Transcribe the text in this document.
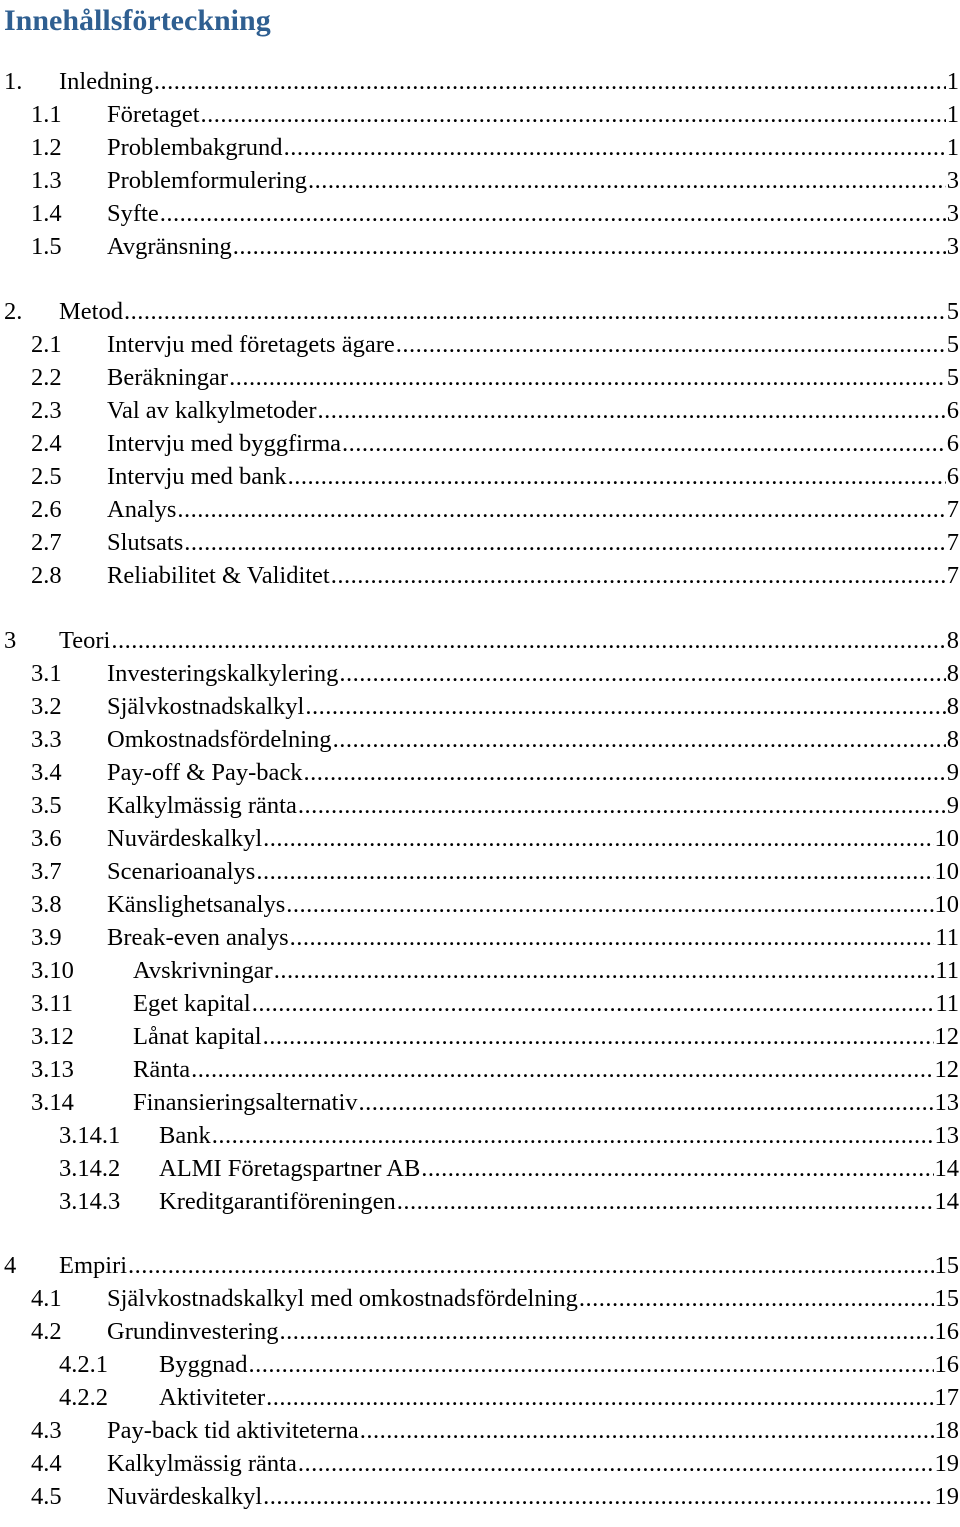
Innehållsförteckning
1. Inledning .....	1
1.1 Företaget .....	1
1.2 Problembakgrund .....	1
1.3 Problemformulering .....	3
1.4 Syfte .....	3
1.5 Avgränsning .....	3
2. Metod .....	5
2.1 Intervju med företagets ägare .....	5
2.2 Beräkningar .....	5
2.3 Val av kalkylmetoder .....	6
2.4 Intervju med byggfirma .....	6
2.5 Intervju med bank .....	6
2.6 Analys .....	7
2.7 Slutsats .....	7
2.8 Reliabilitet & Validitet .....	7
3 Teori .....	8
3.1 Investeringskalkylering .....	8
3.2 Självkostnadskalkyl .....	8
3.3 Omkostnadsfördelning .....	8
3.4 Pay-off & Pay-back .....	9
3.5 Kalkylmässig ränta .....	9
3.6 Nuvärdeskalkyl .....	10
3.7 Scenarioanalys .....	10
3.8 Känslighetsanalys .....	10
3.9 Break-even analys .....	11
3.10 Avskrivningar .....	11
3.11 Eget kapital .....	11
3.12 Lånat kapital .....	12
3.13 Ränta .....	12
3.14 Finansieringsalternativ .....	13
3.14.1 Bank .....	13
3.14.2 ALMI Företagspartner AB .....	14
3.14.3 Kreditgarantiföreningen .....	14
4 Empiri .....	15
4.1 Självkostnadskalkyl med omkostnadsfördelning .....	15
4.2 Grundinvestering .....	16
4.2.1 Byggnad .....	16
4.2.2 Aktiviteter .....	17
4.3 Pay-back tid aktiviteterna .....	18
4.4 Kalkylmässig ränta .....	19
4.5 Nuvärdeskalkyl .....	19
